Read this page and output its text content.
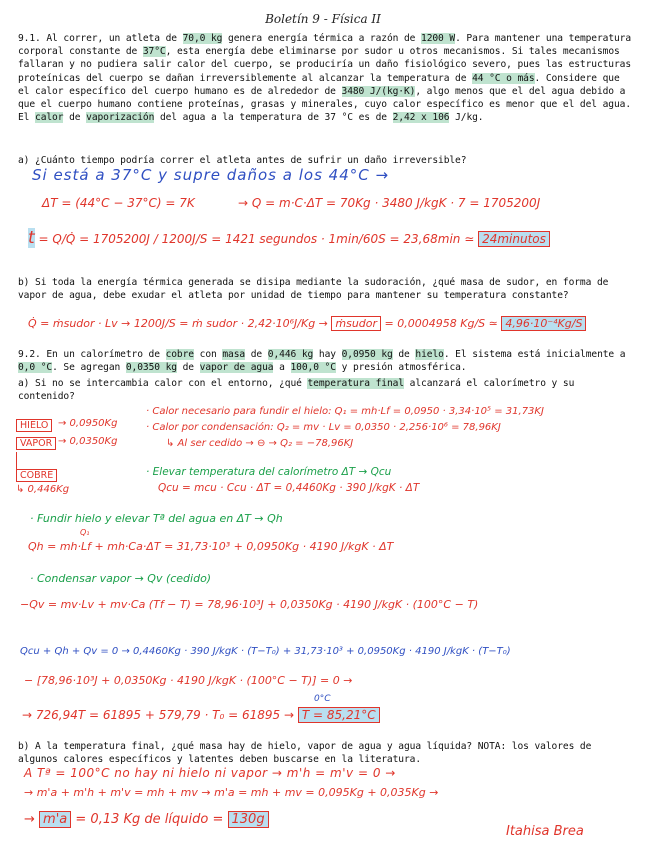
Boletín 9 - Física II

9.1. Al correr, un atleta de 70,0 kg genera energía térmica a razón de 1200 W. Para mantener una temperatura corporal constante de 37°C, esta energía debe eliminarse por sudor u otros mecanismos. Si tales mecanismos fallaran y no pudiera salir calor del cuerpo, se produciría un daño fisiológico severo, pues las estructuras proteínicas del cuerpo se dañan irreversiblemente al alcanzar la temperatura de 44 °C o más. Considere que el calor específico del cuerpo humano es de alrededor de 3480 J/(kg·K), algo menos que el del agua debido a que el cuerpo humano contiene proteínas, grasas y minerales, cuyo calor específico es menor que el del agua. El calor de vaporización del agua a la temperatura de 37 °C es de 2,42 x 106 J/kg.

a) ¿Cuánto tiempo podría correr el atleta antes de sufrir un daño irreversible?

Si está a 37°C y supre daños a los 44°C →
ΔT = (44°C − 37°C) = 7K	→ Q = m·C·ΔT = 70Kg · 3480 J/kgK · 7 = 1705200J
t = Q/Q̇ = 1705200J / 1200J/S = 1421 segundos · 1min/60S = 23,68min ≃ 24minutos

b) Si toda la energía térmica generada se disipa mediante la sudoración, ¿qué masa de sudor, en forma de vapor de agua, debe exudar el atleta por unidad de tiempo para mantener su temperatura constante?

Q̇ = ṁsudor · Lv → 1200J/S = ṁ sudor · 2,42·10⁶J/Kg → ṁsudor = 0,0004958 Kg/S ≃ 4,96·10⁻⁴Kg/S

9.2. En un calorímetro de cobre con masa de 0,446 kg hay 0,0950 kg de hielo. El sistema está inicialmente a 0,0 °C. Se agregan 0,0350 kg de vapor de agua a 100,0 °C y presión atmosférica.

a) Si no se intercambia calor con el entorno, ¿qué temperatura final alcanzará el calorímetro y su contenido?

HIELO → 0,0950Kg
VAPOR → 0,0350Kg
COBRE
↳ 0,446Kg
· Calor necesario para fundir el hielo: Q₁ = mh·Lf = 0,0950 · 3,34·10⁵ = 31,73KJ
· Calor por condensación: Q₂ = mv · Lv = 0,0350 · 2,256·10⁶ = 78,96KJ
↳ Al ser cedido → ⊖ → Q₂ = −78,96KJ
· Elevar temperatura del calorímetro ΔT → Qcu
Qcu = mcu · Ccu · ΔT = 0,4460Kg · 390 J/kgK · ΔT
· Fundir hielo y elevar Tª del agua en ΔT → Qh
Q₁
Qh = mh·Lf + mh·Ca·ΔT = 31,73·10³ + 0,0950Kg · 4190 J/kgK · ΔT
· Condensar vapor → Qv (cedido)
−Qv = mv·Lv + mv·Ca (Tf − T) = 78,96·10³J + 0,0350Kg · 4190 J/kgK · (100°C − T)
Qcu + Qh + Qv = 0 → 0,4460Kg · 390 J/kgK · (T−T₀) + 31,73·10³ + 0,0950Kg · 4190 J/kgK · (T−T₀)
− [78,96·10³J + 0,0350Kg · 4190 J/kgK · (100°C − T)] = 0 →
0°C
→ 726,94T = 61895 + 579,79 · T₀ = 61895 → T = 85,21°C

b) A la temperatura final, ¿qué masa hay de hielo, vapor de agua y agua líquida? NOTA: los valores de algunos calores específicos y latentes deben buscarse en la literatura.

A Tª = 100°C no hay ni hielo ni vapor → m'h = m'v = 0 →
→ m'a + m'h + m'v = mh + mv → m'a = mh + mv = 0,095Kg + 0,035Kg →
→ m'a = 0,13 Kg de líquido = 130g
Itahisa Brea
